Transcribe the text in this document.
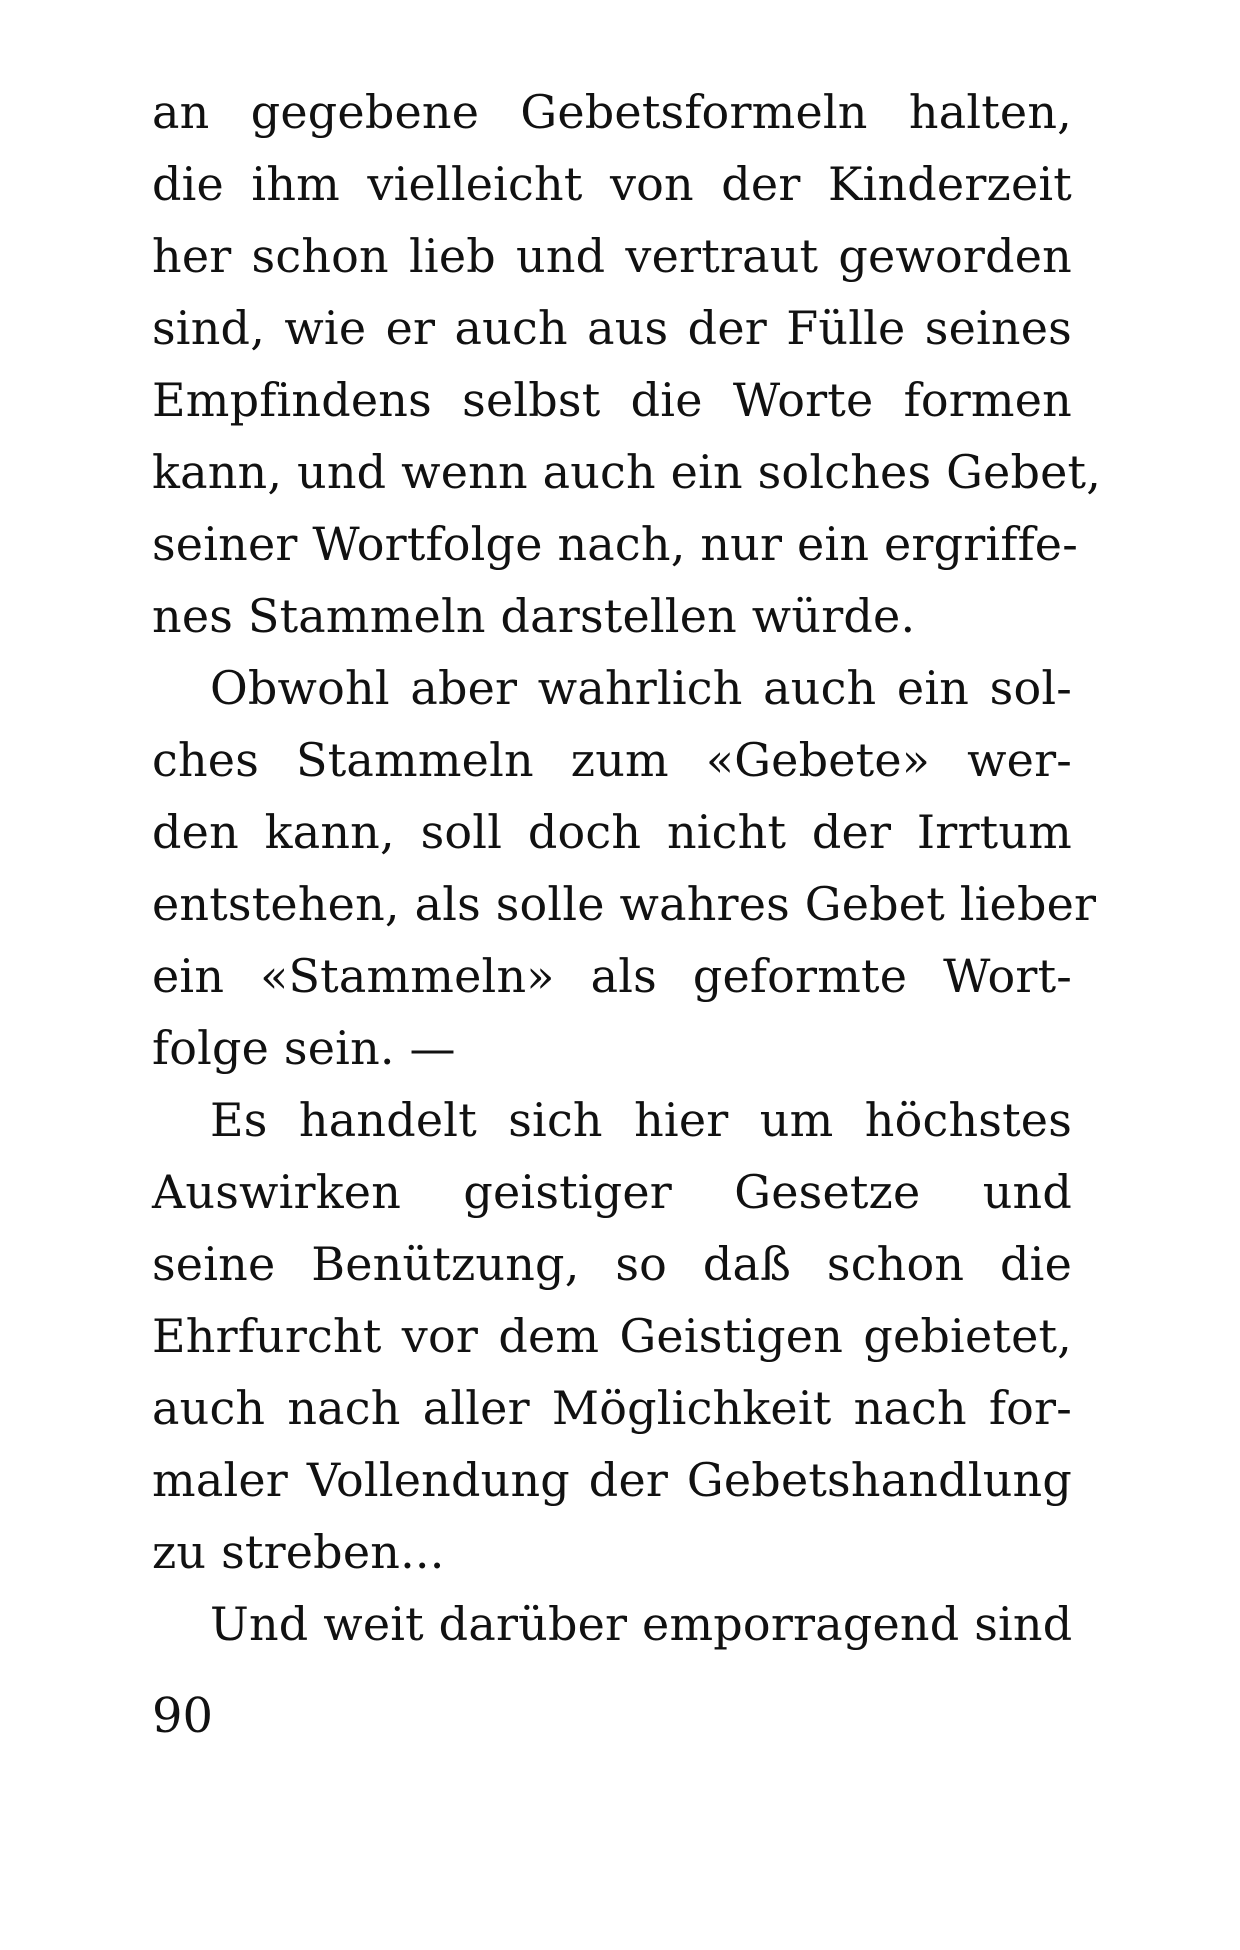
an gegebene Gebetsformeln halten,
die ihm vielleicht von der Kinderzeit
her schon lieb und vertraut geworden
sind, wie er auch aus der Fülle seines
Empfindens selbst die Worte formen
kann, und wenn auch ein solches Gebet,
seiner Wortfolge nach, nur ein ergriffe-
nes Stammeln darstellen würde.
Obwohl aber wahrlich auch ein sol-
ches Stammeln zum «Gebete» wer-
den kann, soll doch nicht der Irrtum
entstehen, als solle wahres Gebet lieber
ein «Stammeln» als geformte Wort-
folge sein. —
Es handelt sich hier um höchstes
Auswirken geistiger Gesetze und
seine Benützung, so daß schon die
Ehrfurcht vor dem Geistigen gebietet,
auch nach aller Möglichkeit nach for-
maler Vollendung der Gebetshandlung
zu streben...
Und weit darüber emporragend sind
90
